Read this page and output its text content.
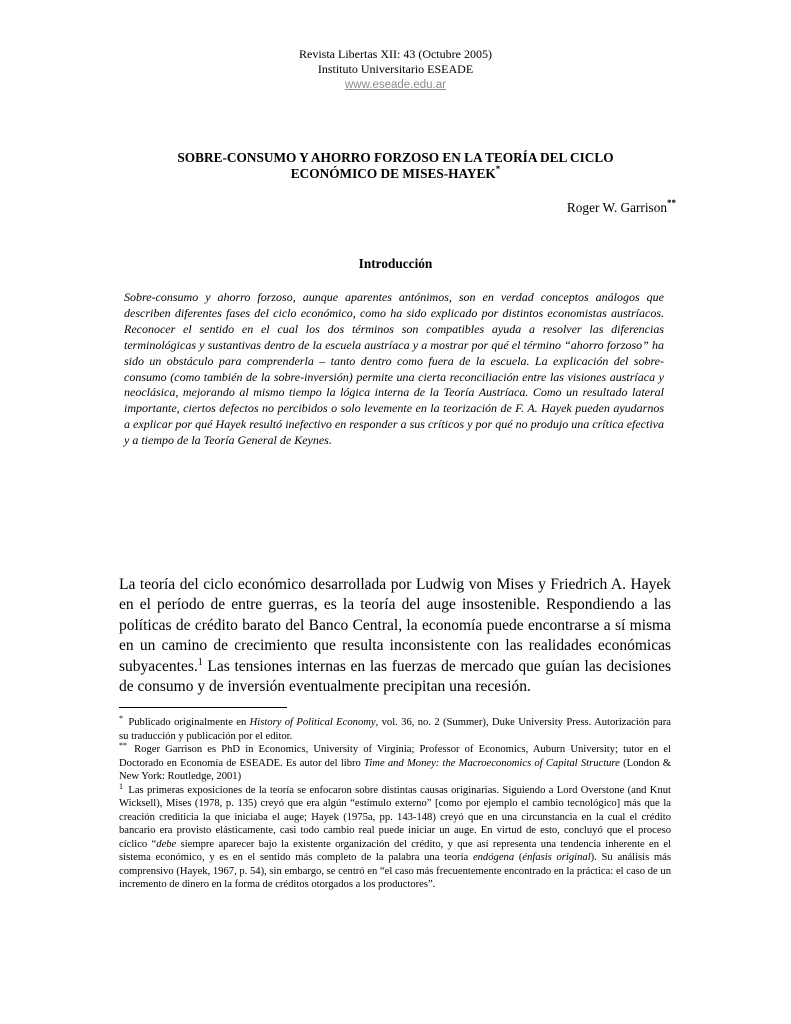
Revista Libertas XII: 43 (Octubre 2005)
Instituto Universitario ESEADE
www.eseade.edu.ar
SOBRE-CONSUMO Y AHORRO FORZOSO EN LA TEORÍA DEL CICLO
ECONÓMICO DE MISES-HAYEK*
Roger W. Garrison**
Introducción

Sobre-consumo y ahorro forzoso, aunque aparentes antónimos, son en verdad conceptos análogos que describen diferentes fases del ciclo económico, como ha sido explicado por distintos economistas austríacos. Reconocer el sentido en el cual los dos términos son compatibles ayuda a resolver las diferencias terminológicas y sustantivas dentro de la escuela austríaca y a mostrar por qué el término “ahorro forzoso” ha sido un obstáculo para comprenderla – tanto dentro como fuera de la escuela. La explicación del sobre-consumo (como también de la sobre-inversión) permite una cierta reconciliación entre las visiones austríaca y neoclásica, mejorando al mismo tiempo la lógica interna de la Teoría Austríaca. Como un resultado lateral importante, ciertos defectos no percibidos o solo levemente en la teorización de F. A. Hayek pueden ayudarnos a explicar por qué Hayek resultó inefectivo en responder a sus críticos y por qué no produjo una crítica efectiva y a tiempo de la Teoría General de Keynes.

La teoría del ciclo económico desarrollada por Ludwig von Mises y Friedrich A. Hayek en el período de entre guerras, es la teoría del auge insostenible. Respondiendo a las políticas de crédito barato del Banco Central, la economía puede encontrarse a sí misma en un camino de crecimiento que resulta inconsistente con las realidades económicas subyacentes.$^1$ Las tensiones internas en las fuerzas de mercado que guían las decisiones de consumo y de inversión eventualmente precipitan una recesión.

* Publicado originalmente en History of Political Economy, vol. 36, no. 2 (Summer), Duke University Press. Autorización para su traducción y publicación por el editor.

** Roger Garrison es PhD in Economics, University of Virginia; Professor of Economics, Auburn University; tutor en el Doctorado en Economía de ESEADE. Es autor del libro Time and Money: the Macroeconomics of Capital Structure (London & New York: Routledge, 2001)

$^1$ Las primeras exposiciones de la teoría se enfocaron sobre distintas causas originarias. Siguiendo a Lord Overstone (and Knut Wicksell), Mises (1978, p. 135) creyó que era algún “estímulo externo” [como por ejemplo el cambio tecnológico] más que la creación crediticia la que iniciaba el auge; Hayek (1975a, pp. 143-148) creyó que en una circunstancia en la cual el crédito bancario era provisto elásticamente, casi todo cambio real puede iniciar un auge. En virtud de esto, concluyó que el proceso cíclico “debe siempre aparecer bajo la existente organización del crédito, y que así representa una tendencia inherente en el sistema económico, y es en el sentido más completo de la palabra una teoría endógena (énfasis original). Su análisis más comprensivo (Hayek, 1967, p. 54), sin embargo, se centró en “el caso más frecuentemente encontrado en la práctica: el caso de un incremento de dinero en la forma de créditos otorgados a los productores”.
